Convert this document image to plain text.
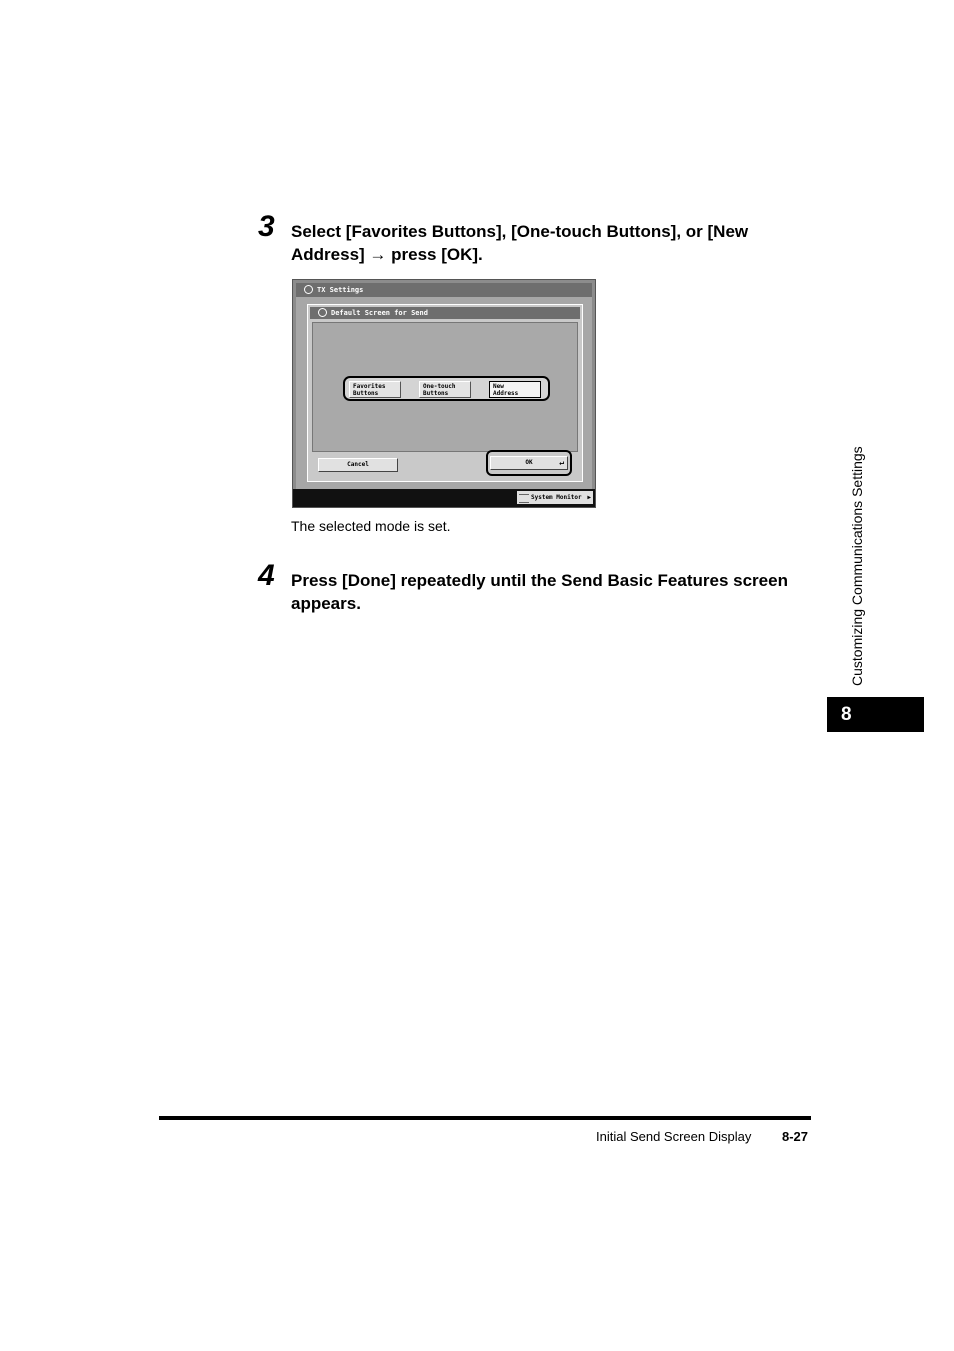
3 Select [Favorites Buttons], [One-touch Buttons], or [New Address] → press [OK].
TX Settings
Default Screen for Send
Favorites
Buttons
One-touch
Buttons
New
Address
Cancel	OK	↵
System Monitor ▶
The selected mode is set.
4 Press [Done] repeatedly until the Send Basic Features screen appears.	Customizing Communications Settings
8
Initial Send Screen Display 8-27
